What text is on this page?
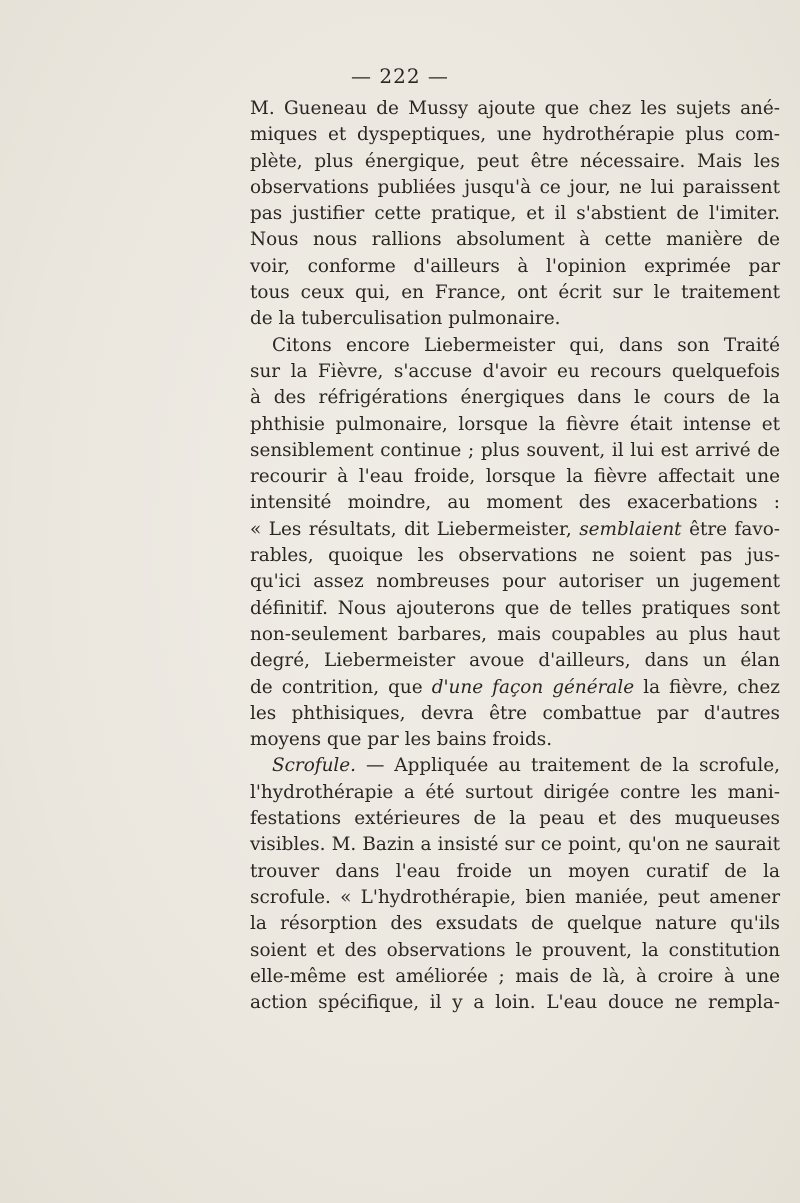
— 222 —
M. Gueneau de Mussy ajoute que chez les sujets ané-
miques et dyspeptiques, une hydrothérapie plus com-
plète, plus énergique, peut être nécessaire. Mais les
observations publiées jusqu'à ce jour, ne lui paraissent
pas justifier cette pratique, et il s'abstient de l'imiter.
Nous nous rallions absolument à cette manière de
voir, conforme d'ailleurs à l'opinion exprimée par
tous ceux qui, en France, ont écrit sur le traitement
de la tuberculisation pulmonaire.
Citons encore Liebermeister qui, dans son Traité
sur la Fièvre, s'accuse d'avoir eu recours quelquefois
à des réfrigérations énergiques dans le cours de la
phthisie pulmonaire, lorsque la fièvre était intense et
sensiblement continue ; plus souvent, il lui est arrivé de
recourir à l'eau froide, lorsque la fièvre affectait une
intensité moindre, au moment des exacerbations :
« Les résultats, dit Liebermeister, semblaient être favo-
rables, quoique les observations ne soient pas jus-
qu'ici assez nombreuses pour autoriser un jugement
définitif. Nous ajouterons que de telles pratiques sont
non-seulement barbares, mais coupables au plus haut
degré, Liebermeister avoue d'ailleurs, dans un élan
de contrition, que d'une façon générale la fièvre, chez
les phthisiques, devra être combattue par d'autres
moyens que par les bains froids.
Scrofule. — Appliquée au traitement de la scrofule,
l'hydrothérapie a été surtout dirigée contre les mani-
festations extérieures de la peau et des muqueuses
visibles. M. Bazin a insisté sur ce point, qu'on ne saurait
trouver dans l'eau froide un moyen curatif de la
scrofule. « L'hydrothérapie, bien maniée, peut amener
la résorption des exsudats de quelque nature qu'ils
soient et des observations le prouvent, la constitution
elle-même est améliorée ; mais de là, à croire à une
action spécifique, il y a loin. L'eau douce ne rempla-
